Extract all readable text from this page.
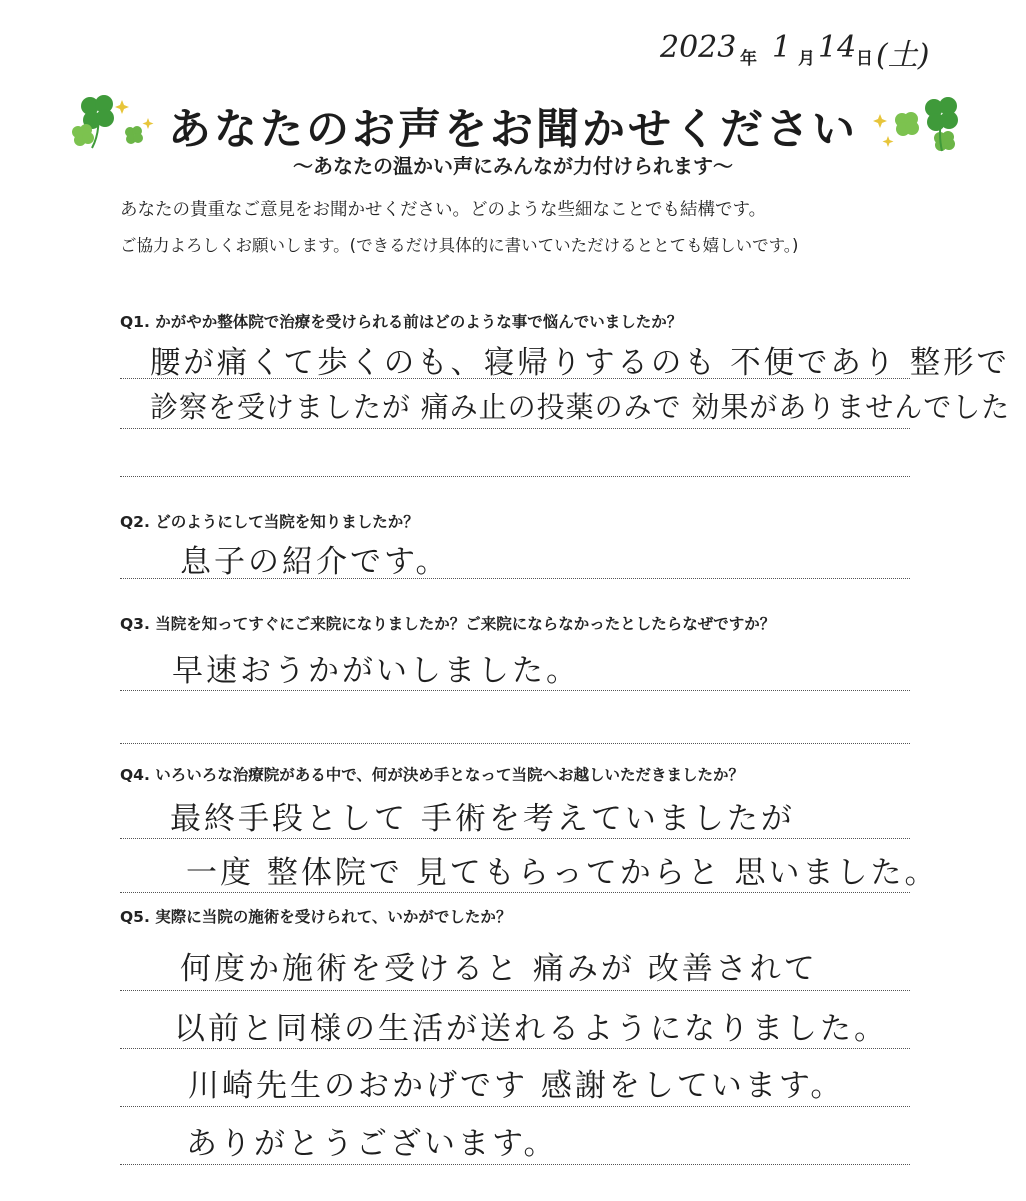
2023 年 1 月 14 日 (土)
あなたのお声をお聞かせください
〜あなたの温かい声にみんなが力付けられます〜
あなたの貴重なご意見をお聞かせください。どのような些細なことでも結構です。
ご協力よろしくお願いします。(できるだけ具体的に書いていただけるととても嬉しいです。)
Q1. かがやか整体院で治療を受けられる前はどのような事で悩んでいましたか？
腰が痛くて歩くのも、寝帰りするのも 不便であり 整形で
診察を受けましたが 痛み止の投薬のみで 効果がありませんでした
Q2. どのようにして当院を知りましたか？
息子の紹介です。
Q3. 当院を知ってすぐにご来院になりましたか？ご来院にならなかったとしたらなぜですか？
早速おうかがいしました。
Q4. いろいろな治療院がある中で、何が決め手となって当院へお越しいただきましたか？
最終手段として 手術を考えていましたが
一度 整体院で 見てもらってからと 思いました。
Q5. 実際に当院の施術を受けられて、いかがでしたか？
何度か施術を受けると 痛みが 改善されて
以前と同様の生活が送れるようになりました。
川崎先生のおかげです 感謝をしています。
ありがとうございます。
